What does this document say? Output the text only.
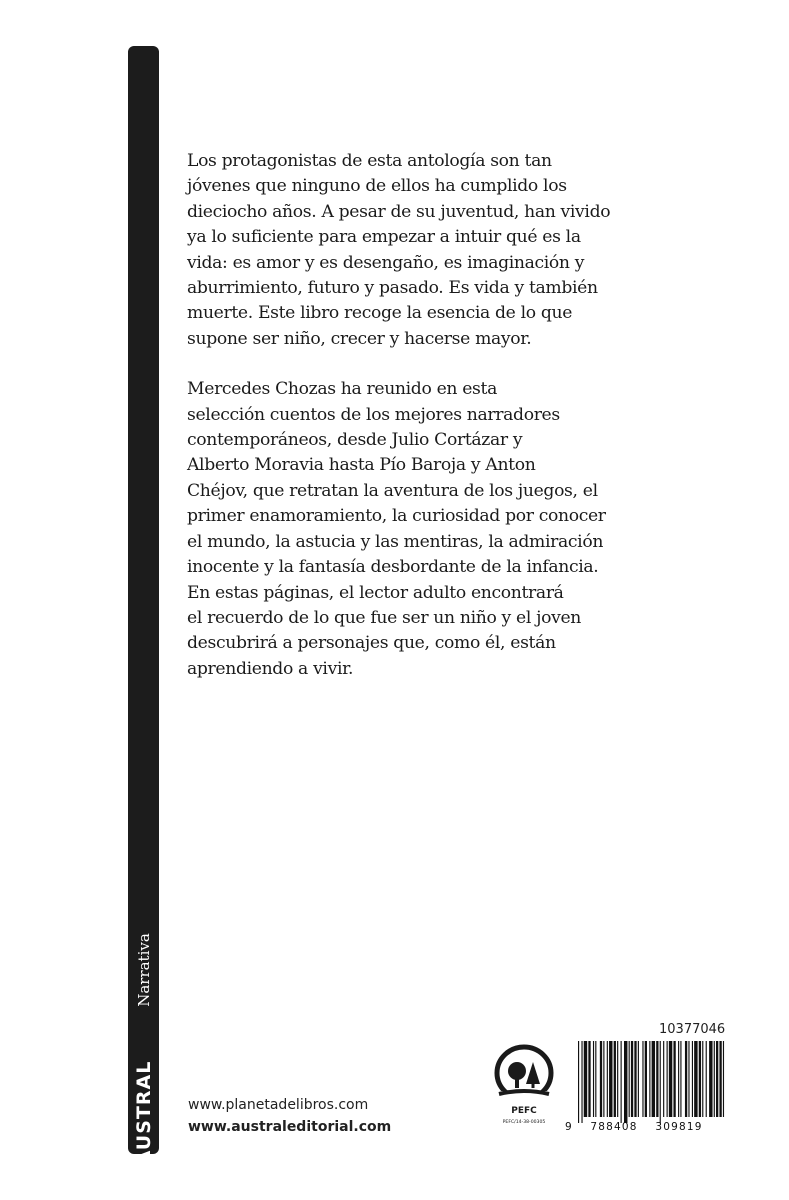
AUSTRAL
Narrativa

Los protagonistas de esta antología son tan
jóvenes que ninguno de ellos ha cumplido los
dieciocho años. A pesar de su juventud, han vivido
ya lo suficiente para empezar a intuir qué es la
vida: es amor y es desengaño, es imaginación y
aburrimiento, futuro y pasado. Es vida y también
muerte. Este libro recoge la esencia de lo que
supone ser niño, crecer y hacerse mayor.

Mercedes Chozas ha reunido en esta
selección cuentos de los mejores narradores
contemporáneos, desde Julio Cortázar y
Alberto Moravia hasta Pío Baroja y Anton
Chéjov, que retratan la aventura de los juegos, el
primer enamoramiento, la curiosidad por conocer
el mundo, la astucia y las mentiras, la admiración
inocente y la fantasía desbordante de la infancia.
En estas páginas, el lector adulto encontrará
el recuerdo de lo que fue ser un niño y el joven
descubrirá a personajes que, como él, están
aprendiendo a vivir.

www.planetadelibros.com
www.australeditorial.com
PEFC
PEFC/14-38-00305
10377046
9 788408 309819
